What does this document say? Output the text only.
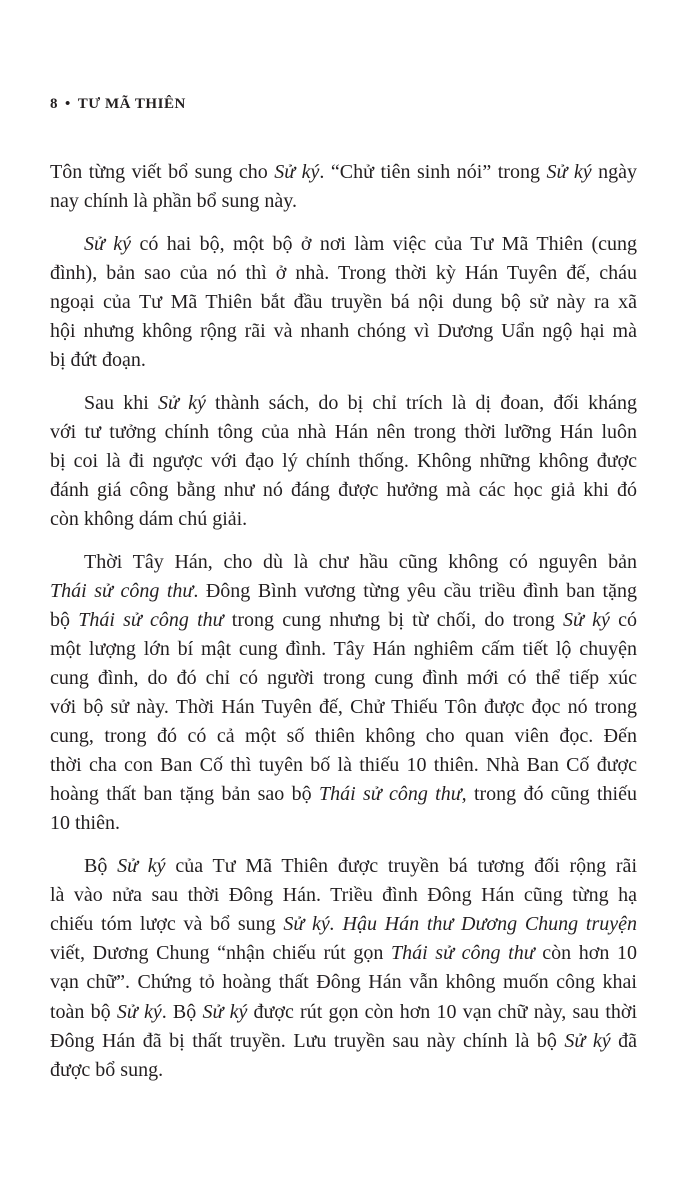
8 • TƯ MÃ THIÊN

Tôn từng viết bổ sung cho Sử ký. “Chử tiên sinh nói” trong Sử ký ngày
nay chính là phần bổ sung này.

Sử ký có hai bộ, một bộ ở nơi làm việc của Tư Mã Thiên (cung
đình), bản sao của nó thì ở nhà. Trong thời kỳ Hán Tuyên đế, cháu
ngoại của Tư Mã Thiên bắt đầu truyền bá nội dung bộ sử này ra xã
hội nhưng không rộng rãi và nhanh chóng vì Dương Uẩn ngộ hại mà
bị đứt đoạn.

Sau khi Sử ký thành sách, do bị chỉ trích là dị đoan, đối kháng
với tư tưởng chính tông của nhà Hán nên trong thời lưỡng Hán luôn
bị coi là đi ngược với đạo lý chính thống. Không những không được
đánh giá công bằng như nó đáng được hưởng mà các học giả khi đó
còn không dám chú giải.

Thời Tây Hán, cho dù là chư hầu cũng không có nguyên bản
Thái sử công thư. Đông Bình vương từng yêu cầu triều đình ban tặng
bộ Thái sử công thư trong cung nhưng bị từ chối, do trong Sử ký có
một lượng lớn bí mật cung đình. Tây Hán nghiêm cấm tiết lộ chuyện
cung đình, do đó chỉ có người trong cung đình mới có thể tiếp xúc
với bộ sử này. Thời Hán Tuyên đế, Chử Thiếu Tôn được đọc nó trong
cung, trong đó có cả một số thiên không cho quan viên đọc. Đến
thời cha con Ban Cố thì tuyên bố là thiếu 10 thiên. Nhà Ban Cố được
hoàng thất ban tặng bản sao bộ Thái sử công thư, trong đó cũng thiếu
10 thiên.

Bộ Sử ký của Tư Mã Thiên được truyền bá tương đối rộng rãi
là vào nửa sau thời Đông Hán. Triều đình Đông Hán cũng từng hạ
chiếu tóm lược và bổ sung Sử ký. Hậu Hán thư Dương Chung truyện
viết, Dương Chung “nhận chiếu rút gọn Thái sử công thư còn hơn 10
vạn chữ”. Chứng tỏ hoàng thất Đông Hán vẫn không muốn công khai
toàn bộ Sử ký. Bộ Sử ký được rút gọn còn hơn 10 vạn chữ này, sau thời
Đông Hán đã bị thất truyền. Lưu truyền sau này chính là bộ Sử ký đã
được bổ sung.
